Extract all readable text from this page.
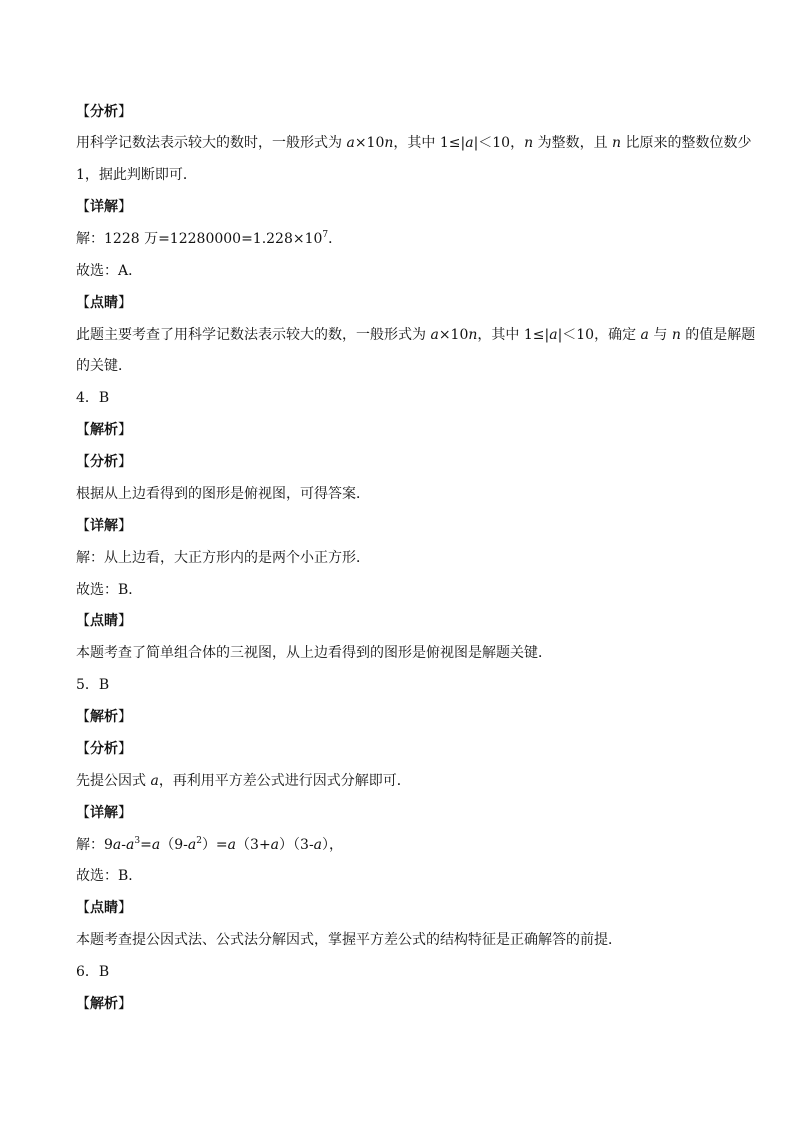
【分析】
用科学记数法表示较大的数时，一般形式为 a×10n，其中 1≤|a|＜10，n 为整数，且 n 比原来的整数位数少
1，据此判断即可．
【详解】
解：1228 万$=12280000=1.228\times 10^7$．
故选：A．
【点睛】
此题主要考查了用科学记数法表示较大的数，一般形式为 a×10n，其中 1≤|a|＜10，确定 a 与 n 的值是解题
的关键．
4．B
【解析】
【分析】
根据从上边看得到的图形是俯视图，可得答案．
【详解】
解：从上边看，大正方形内的是两个小正方形．
故选：B．
【点睛】
本题考查了简单组合体的三视图，从上边看得到的图形是俯视图是解题关键．
5．B
【解析】
【分析】
先提公因式 a，再利用平方差公式进行因式分解即可．
【详解】
解：$9a-a^3=a(9-a^2)=a(3+a)(3-a)$，
故选：B．
【点睛】
本题考查提公因式法、公式法分解因式，掌握平方差公式的结构特征是正确解答的前提．
6．B
【解析】
